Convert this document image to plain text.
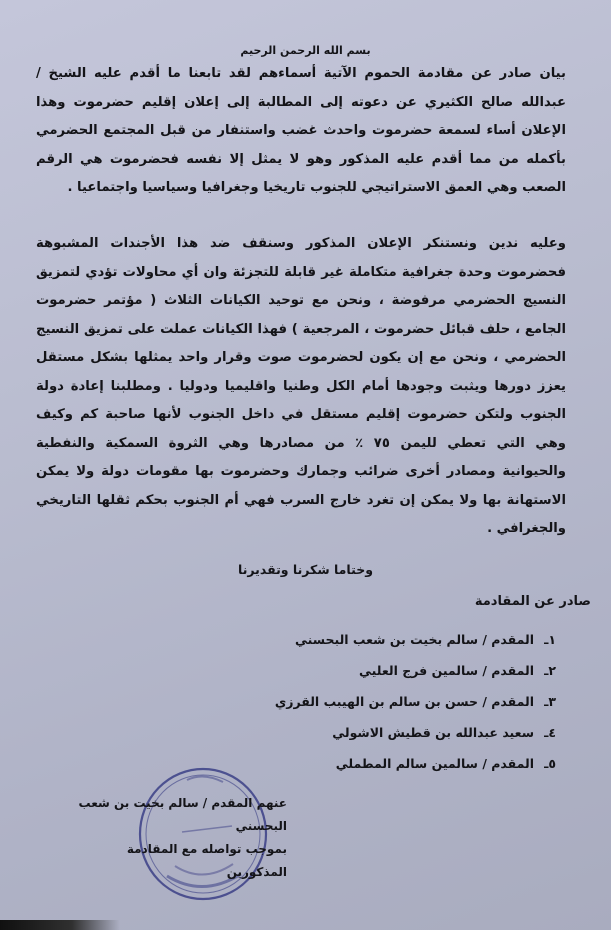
بسم الله الرحمن الرحيم
بيان صادر عن مقادمة الحموم الآتية أسماءهم لقد تابعنا ما أقدم عليه الشيخ / عبدالله صالح الكثيري عن دعوته إلى المطالبة إلى إعلان إقليم حضرموت وهذا الإعلان أساء لسمعة حضرموت واحدث غضب واستنفار من قبل المجتمع الحضرمي بأكمله من مما أقدم عليه المذكور وهو لا يمثل إلا نفسه فحضرموت هي الرقم الصعب وهي العمق الاستراتيجي للجنوب تاريخيا وجغرافيا وسياسيا واجتماعيا .
وعليه ندين ونستنكر الإعلان المذكور وسنقف ضد هذا الأجندات المشبوهة فحضرموت وحدة جغرافية متكاملة غير قابلة للتجزئة وان أي محاولات تؤدي لتمزيق النسيج الحضرمي مرفوضة ، ونحن مع توحيد الكيانات الثلاث ( مؤتمر حضرموت الجامع ، حلف قبائل حضرموت ، المرجعية ) فهذا الكيانات عملت على تمزيق النسيج الحضرمي ، ونحن مع إن يكون لحضرموت صوت وقرار واحد يمثلها بشكل مستقل يعزز دورها ويثبت وجودها أمام الكل وطنيا واقليميا ودوليا . ومطلبنا إعادة دولة الجنوب ولتكن حضرموت إقليم مستقل في داخل الجنوب لأنها صاحبة كم وكيف وهي التي تعطي لليمن ٧٥ ٪ من مصادرها وهي الثروة السمكية والنفطية والحيوانية ومصادر أخرى ضرائب وجمارك وحضرموت بها مقومات دولة ولا يمكن الاستهانة بها ولا يمكن إن تغرد خارج السرب فهي أم الجنوب بحكم ثقلها التاريخي والجغرافي .
وختاما شكرنا وتقديرنا
صادر عن المقادمة
١ـالمقدم / سالم بخيت بن شعب البحسني
٢ـالمقدم / سالمين فرج العليي
٣ـالمقدم / حسن بن سالم بن الهيبب القرزي
٤ـسعيد عبدالله بن قطيش الاشولي
٥ـالمقدم / سالمين سالم المطملي
عنهم المقدم / سالم بخيت بن شعب البحسني
بموجب تواصله مع المقادمة المذكورين
